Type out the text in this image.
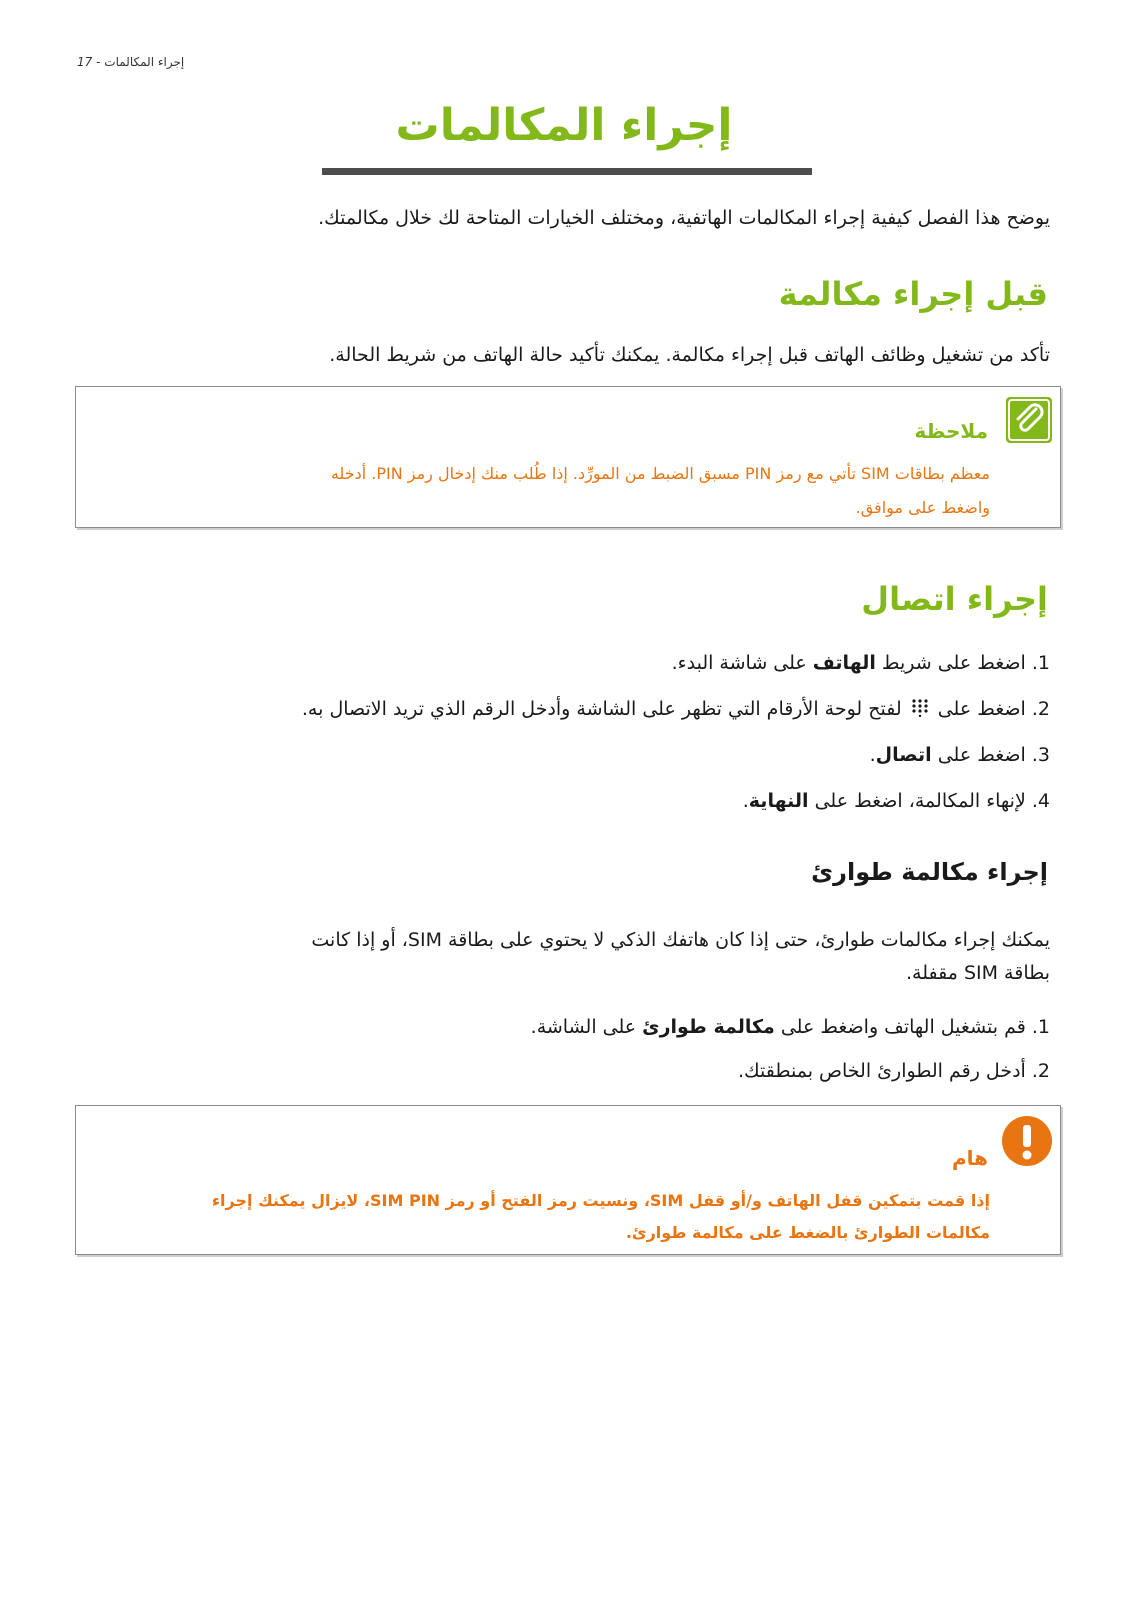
17 - إجراء المكالمات
إجراء المكالمات
يوضح هذا الفصل كيفية إجراء المكالمات الهاتفية، ومختلف الخيارات المتاحة لك خلال مكالمتك.
قبل إجراء مكالمة
تأكد من تشغيل وظائف الهاتف قبل إجراء مكالمة. يمكنك تأكيد حالة الهاتف من شريط الحالة.
ملاحظة
معظم بطاقات SIM تأتي مع رمز PIN مسبق الضبط من المورِّد. إذا طُلب منك إدخال رمز PIN. أدخله
واضغط على موافق.
إجراء اتصال
1. اضغط على شريط الهاتف على شاشة البدء.
2. اضغط على  لفتح لوحة الأرقام التي تظهر على الشاشة وأدخل الرقم الذي تريد الاتصال به.
3. اضغط على اتصال.
4. لإنهاء المكالمة، اضغط على النهاية.
إجراء مكالمة طوارئ
يمكنك إجراء مكالمات طوارئ، حتى إذا كان هاتفك الذكي لا يحتوي على بطاقة SIM، أو إذا كانت
بطاقة SIM مقفلة.
1. قم بتشغيل الهاتف واضغط على مكالمة طوارئ على الشاشة.
2. أدخل رقم الطوارئ الخاص بمنطقتك.
هام
إذا قمت بتمكين قفل الهاتف و/أو قفل SIM، ونسيت رمز الفتح أو رمز SIM PIN، لايزال يمكنك إجراء
مكالمات الطوارئ بالضغط على مكالمة طوارئ.
